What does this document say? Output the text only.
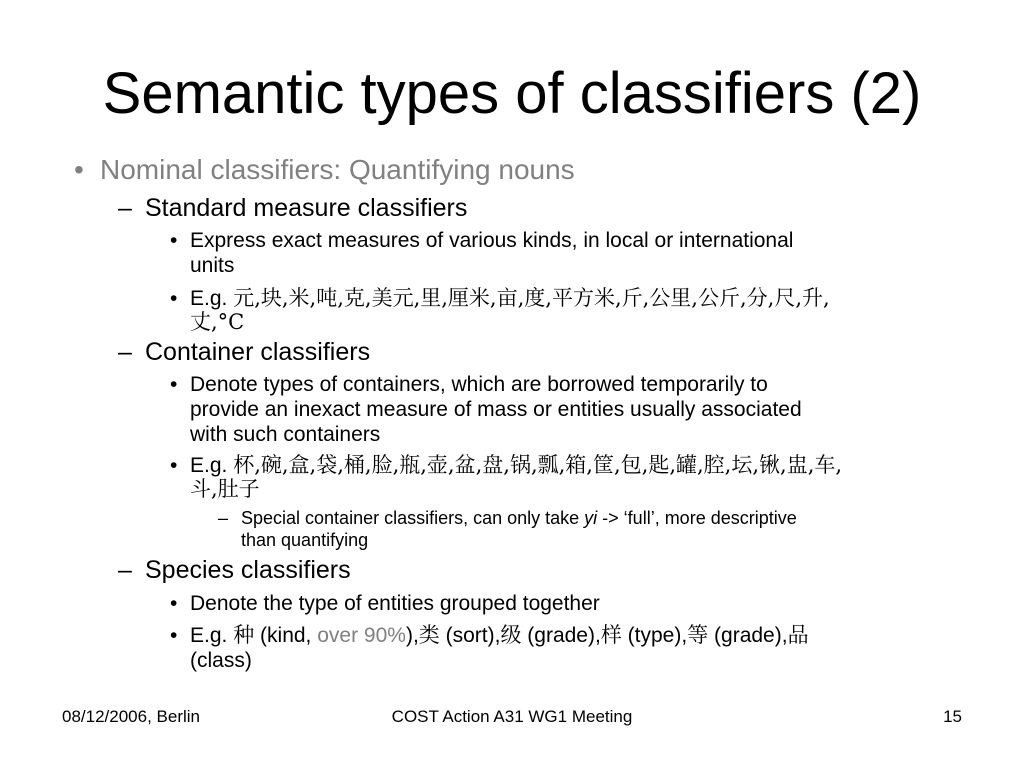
Semantic types of classifiers (2)
• Nominal classifiers: Quantifying nouns

– Standard measure classifiers

• Express exact measures of various kinds, in local or international

units

• E.g. 元,块,米,吨,克,美元,里,厘米,亩,度,平方米,斤,公里,公斤,分,尺,升,

丈,°C

– Container classifiers

• Denote types of containers, which are borrowed temporarily to

provide an inexact measure of mass or entities usually associated

with such containers

• E.g. 杯,碗,盒,袋,桶,脸,瓶,壶,盆,盘,锅,瓢,箱,筐,包,匙,罐,腔,坛,锹,盅,车,

斗,肚子

– Special container classifiers, can only take yi -> ‘full’, more descriptive

than quantifying

– Species classifiers

• Denote the type of entities grouped together

• E.g. 种 (kind, over 90%),类 (sort),级 (grade),样 (type),等 (grade),品

(class)

08/12/2006, Berlin	COST Action A31 WG1 Meeting	15
